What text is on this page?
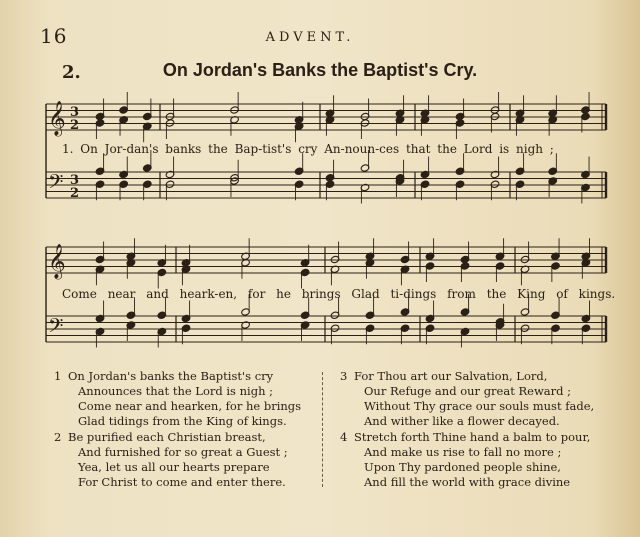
16	ADVENT.
2.	On Jordan's Banks the Baptist's Cry.
𝄞
𝄢
3
2
3
2
𝄞
𝄢
1. On Jor-dan's banks the Bap-tist's cry An-noun-ces that the Lord is nigh ;
Come near and heark-en, for he brings Glad ti-dings from the King of kings.
1 On Jordan's banks the Baptist's cry
Announces that the Lord is nigh ;
Come near and hearken, for he brings
Glad tidings from the King of kings.
2 Be purified each Christian breast,
And furnished for so great a Guest ;
Yea, let us all our hearts prepare
For Christ to come and enter there.
3 For Thou art our Salvation, Lord,
Our Refuge and our great Reward ;
Without Thy grace our souls must fade,
And wither like a flower decayed.
4 Stretch forth Thine hand a balm to pour,
And make us rise to fall no more ;
Upon Thy pardoned people shine,
And fill the world with grace divine
